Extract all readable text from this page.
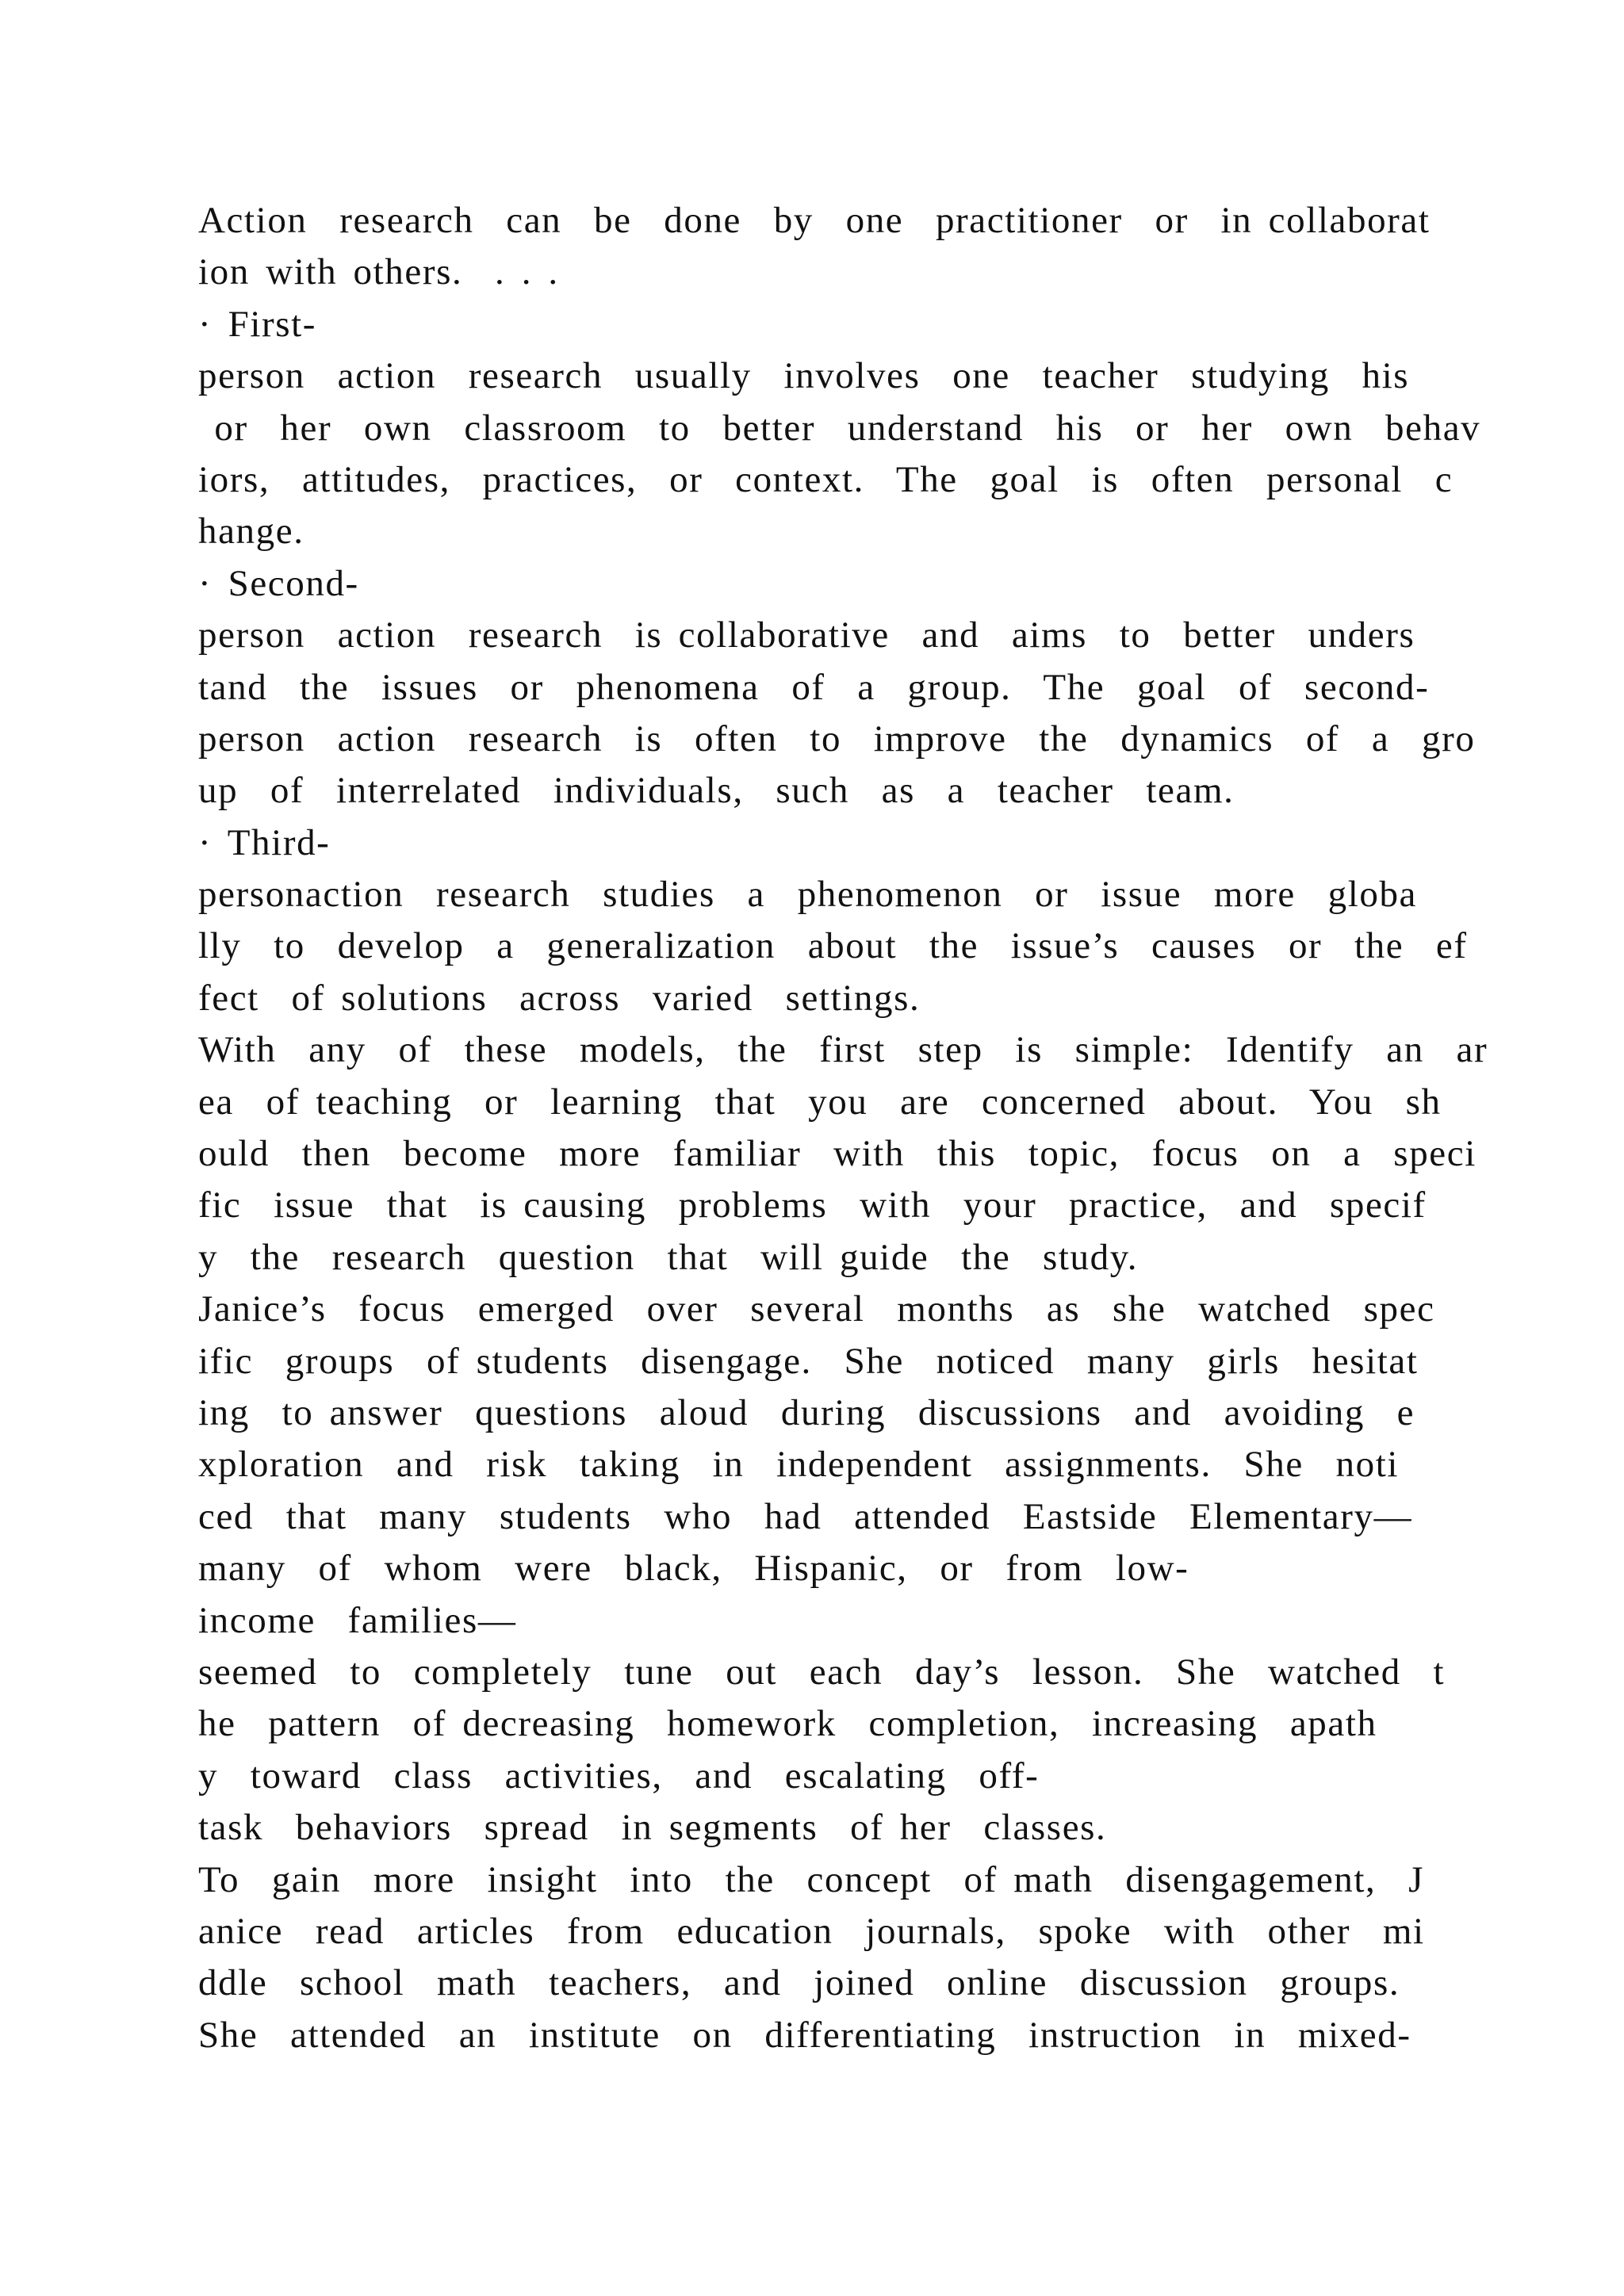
Action  research  can  be  done  by  one  practitioner  or  in collaborat
ion with others.  . . .
· First-
person  action  research  usually  involves  one  teacher  studying  his
or  her  own  classroom  to  better  understand  his  or  her  own  behav
iors,  attitudes,  practices,  or  context.  The  goal  is  often  personal  c
hange.
· Second-
person  action  research  is collaborative  and  aims  to  better  unders
tand  the  issues  or  phenomena  of  a  group.  The  goal  of  second-
person  action  research  is  often  to  improve  the  dynamics  of  a  gro
up  of  interrelated  individuals,  such  as  a  teacher  team.
· Third-
personaction  research  studies  a  phenomenon  or  issue  more  globa
lly  to  develop  a  generalization  about  the  issue’s  causes  or  the  ef
fect  of solutions  across  varied  settings.
With  any  of  these  models,  the  first  step  is  simple:  Identify  an  ar
ea  of teaching  or  learning  that  you  are  concerned  about.  You  sh
ould  then  become  more  familiar  with  this  topic,  focus  on  a  speci
fic  issue  that  is causing  problems  with  your  practice,  and  specif
y  the  research  question  that  will guide  the  study.
Janice’s  focus  emerged  over  several  months  as  she  watched  spec
ific  groups  of students  disengage.  She  noticed  many  girls  hesitat
ing  to answer  questions  aloud  during  discussions  and  avoiding  e
xploration  and  risk  taking  in  independent  assignments.  She  noti
ced  that  many  students  who  had  attended  Eastside  Elementary—
many  of  whom  were  black,  Hispanic,  or  from  low-
income  families—
seemed  to  completely  tune  out  each  day’s  lesson.  She  watched  t
he  pattern  of decreasing  homework  completion,  increasing  apath
y  toward  class  activities,  and  escalating  off-
task  behaviors  spread  in segments  of her  classes.
To  gain  more  insight  into  the  concept  of math  disengagement,  J
anice  read  articles  from  education  journals,  spoke  with  other  mi
ddle  school  math  teachers,  and  joined  online  discussion  groups.
She  attended  an  institute  on  differentiating  instruction  in  mixed-
